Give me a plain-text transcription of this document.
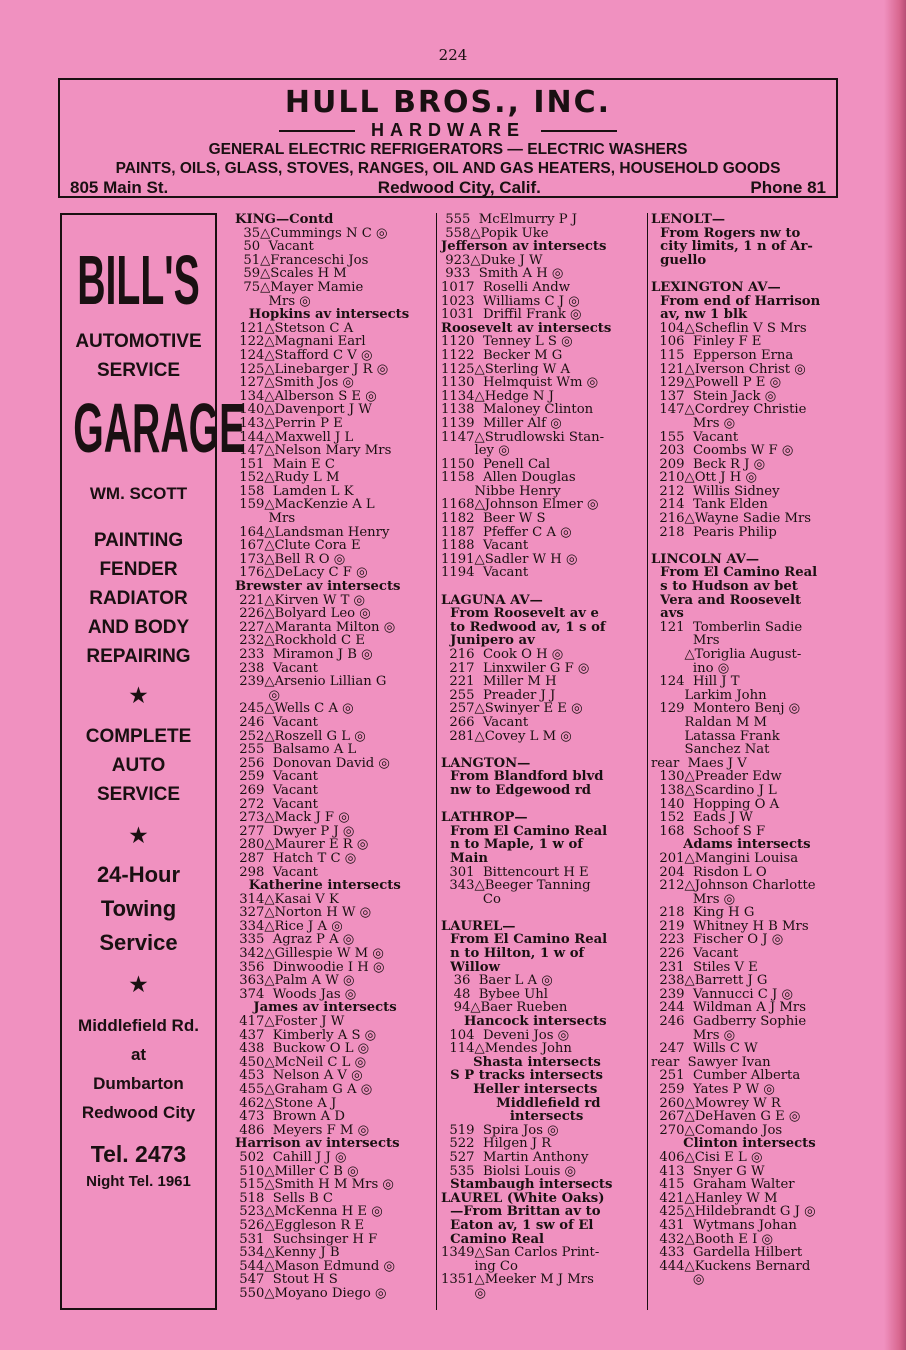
224
HULL BROS., INC.
HARDWARE
GENERAL ELECTRIC REFRIGERATORS — ELECTRIC WASHERS
PAINTS, OILS, GLASS, STOVES, RANGES, OIL AND GAS HEATERS, HOUSEHOLD GOODS
805 Main St.	Redwood City, Calif.	Phone 81
BILL'S
AUTOMOTIVE
SERVICE
GARAGE
WM. SCOTT
PAINTING
FENDER
RADIATOR
AND BODY
REPAIRING
★
COMPLETE
AUTO
SERVICE
★
24-Hour
Towing
Service
★
Middlefield Rd.
at
Dumbarton
Redwood City
Tel. 2473
Night Tel. 1961
KING—Contd
35△Cummings N C ◎
50  Vacant
51△Franceschi Jos
59△Scales H M
75△Mayer Mamie
Mrs ◎
Hopkins av intersects
121△Stetson C A
122△Magnani Earl
124△Stafford C V ◎
125△Linebarger J R ◎
127△Smith Jos ◎
134△Alberson S E ◎
140△Davenport J W
143△Perrin P E
144△Maxwell J L
147△Nelson Mary Mrs
151  Main E C
152△Rudy L M
158  Lamden L K
159△MacKenzie A L
Mrs
164△Landsman Henry
167△Clute Cora E
173△Bell R O ◎
176△DeLacy C F ◎
Brewster av intersects
221△Kirven W T ◎
226△Bolyard Leo ◎
227△Maranta Milton ◎
232△Rockhold C E
233  Miramon J B ◎
238  Vacant
239△Arsenio Lillian G
◎
245△Wells C A ◎
246  Vacant
252△Roszell G L ◎
255  Balsamo A L
256  Donovan David ◎
259  Vacant
269  Vacant
272  Vacant
273△Mack J F ◎
277  Dwyer P J ◎
280△Maurer E R ◎
287  Hatch T C ◎
298  Vacant
Katherine intersects
314△Kasai V K
327△Norton H W ◎
334△Rice J A ◎
335  Agraz P A ◎
342△Gillespie W M ◎
356  Dinwoodie I H ◎
363△Palm A W ◎
374  Woods Jas ◎
James av intersects
417△Foster J W
437  Kimberly A S ◎
438  Buckow O L ◎
450△McNeil C L ◎
453  Nelson A V ◎
455△Graham G A ◎
462△Stone A J
473  Brown A D
486  Meyers F M ◎
Harrison av intersects
502  Cahill J J ◎
510△Miller C B ◎
515△Smith H M Mrs ◎
518  Sells B C
523△McKenna H E ◎
526△Eggleson R E
531  Suchsinger H F
534△Kenny J B
544△Mason Edmund ◎
547  Stout H S
550△Moyano Diego ◎
555  McElmurry P J
558△Popik Uke
Jefferson av intersects
923△Duke J W
933  Smith A H ◎
1017  Roselli Andw
1023  Williams C J ◎
1031  Driffil Frank ◎
Roosevelt av intersects
1120  Tenney L S ◎
1122  Becker M G
1125△Sterling W A
1130  Helmquist Wm ◎
1134△Hedge N J
1138  Maloney Clinton
1139  Miller Alf ◎
1147△Strudlowski Stan-
ley ◎
1150  Penell Cal
1158  Allen Douglas
Nibbe Henry
1168△Johnson Elmer ◎
1182  Beer W S
1187  Pfeffer C A ◎
1188  Vacant
1191△Sadler W H ◎
1194  Vacant
LAGUNA AV—
From Roosevelt av e
to Redwood av, 1 s of
Junipero av
216  Cook O H ◎
217  Linxwiler G F ◎
221  Miller M H
255  Preader J J
257△Swinyer E E ◎
266  Vacant
281△Covey L M ◎
LANGTON—
From Blandford blvd
nw to Edgewood rd
LATHROP—
From El Camino Real
n to Maple, 1 w of
Main
301  Bittencourt H E
343△Beeger Tanning
Co
LAUREL—
From El Camino Real
n to Hilton, 1 w of
Willow
36  Baer L A ◎
48  Bybee Uhl
94△Baer Rueben
Hancock intersects
104  Deveni Jos ◎
114△Mendes John
Shasta intersects
S P tracks intersects
Heller intersects
Middlefield rd
intersects
519  Spira Jos ◎
522  Hilgen J R
527  Martin Anthony
535  Biolsi Louis ◎
Stambaugh intersects
LAUREL (White Oaks)
—From Brittan av to
Eaton av, 1 sw of El
Camino Real
1349△San Carlos Print-
ing Co
1351△Meeker M J Mrs
◎
LENOLT—
From Rogers nw to
city limits, 1 n of Ar-
guello
LEXINGTON AV—
From end of Harrison
av, nw 1 blk
104△Scheflin V S Mrs
106  Finley F E
115  Epperson Erna
121△Iverson Christ ◎
129△Powell P E ◎
137  Stein Jack ◎
147△Cordrey Christie
Mrs ◎
155  Vacant
203  Coombs W F ◎
209  Beck R J ◎
210△Ott J H ◎
212  Willis Sidney
214  Tank Elden
216△Wayne Sadie Mrs
218  Pearis Philip
LINCOLN AV—
From El Camino Real
s to Hudson av bet
Vera and Roosevelt
avs
121  Tomberlin Sadie
Mrs
△Toriglia August-
ino ◎
124  Hill J T
Larkim John
129  Montero Benj ◎
Raldan M M
Latassa Frank
Sanchez Nat
rear  Maes J V
130△Preader Edw
138△Scardino J L
140  Hopping O A
152  Eads J W
168  Schoof S F
Adams intersects
201△Mangini Louisa
204  Risdon L O
212△Johnson Charlotte
Mrs ◎
218  King H G
219  Whitney H B Mrs
223  Fischer O J ◎
226  Vacant
231  Stiles V E
238△Barrett J G
239  Vannucci C J ◎
244  Wildman A J Mrs
246  Gadberry Sophie
Mrs ◎
247  Wills C W
rear  Sawyer Ivan
251  Cumber Alberta
259  Yates P W ◎
260△Mowrey W R
267△DeHaven G E ◎
270△Comando Jos
Clinton intersects
406△Cisi E L ◎
413  Snyer G W
415  Graham Walter
421△Hanley W M
425△Hildebrandt G J ◎
431  Wytmans Johan
432△Booth E I ◎
433  Gardella Hilbert
444△Kuckens Bernard
◎
